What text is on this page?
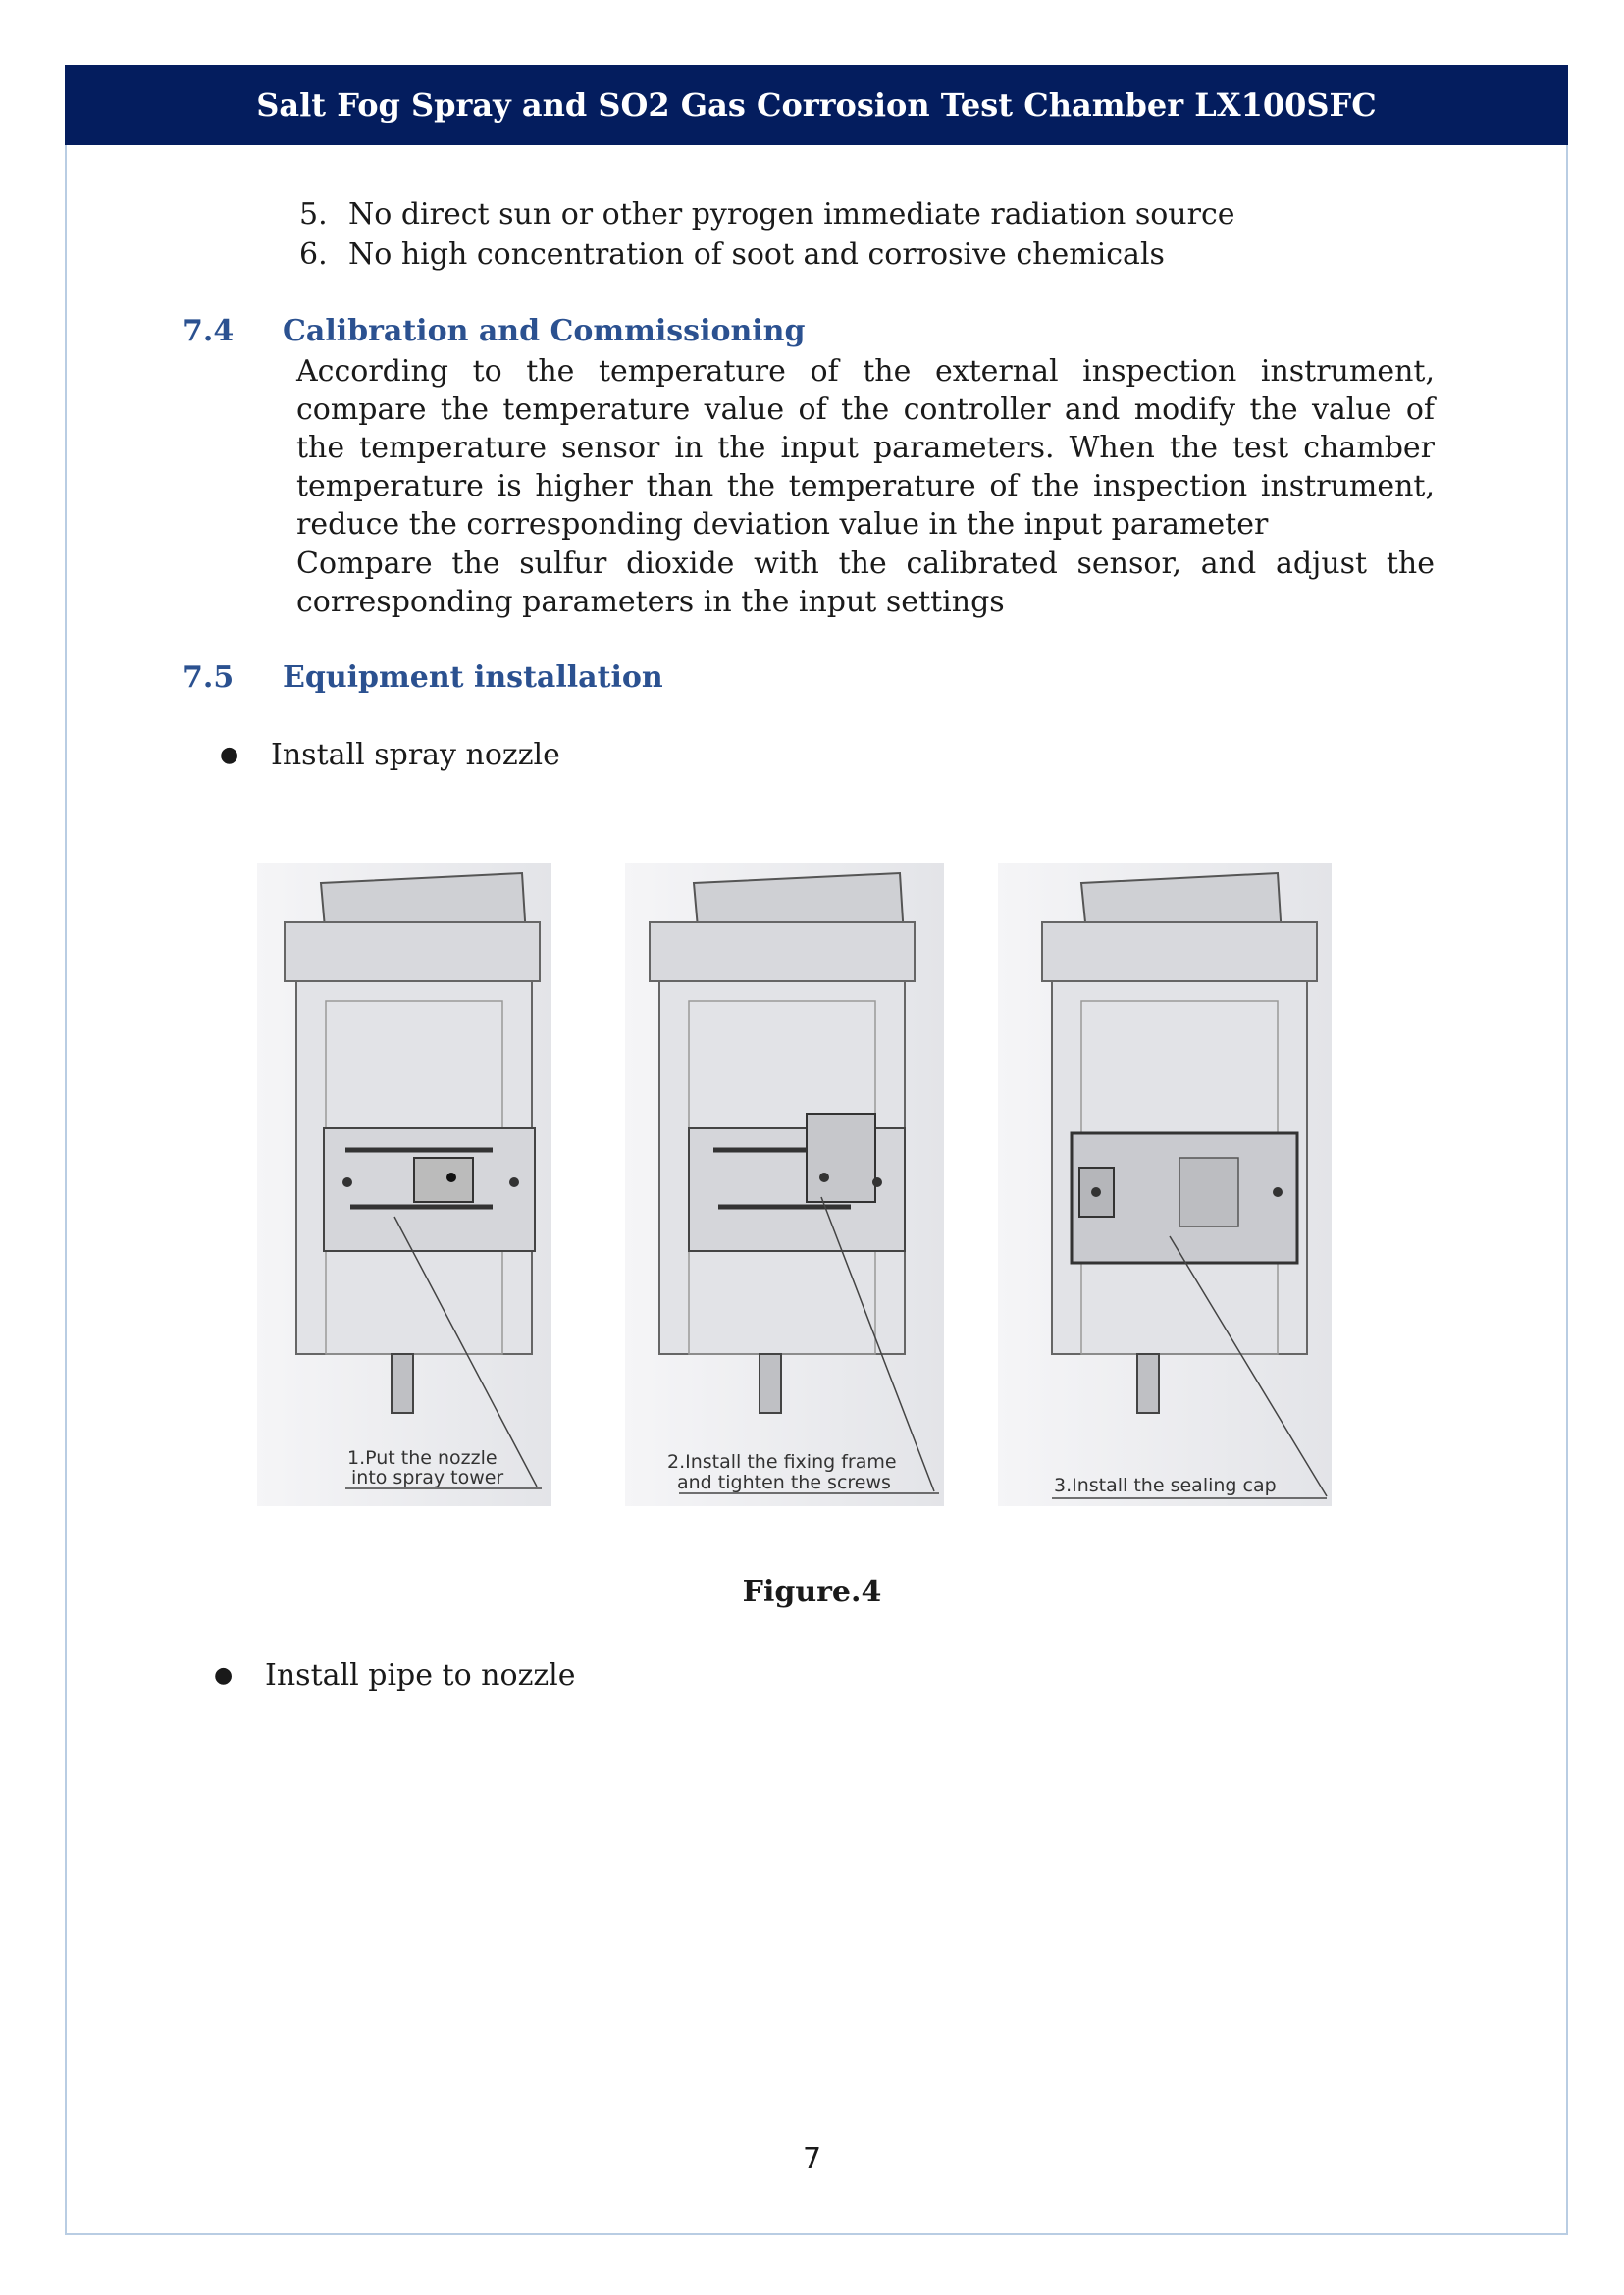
Salt Fog Spray and SO2 Gas Corrosion Test Chamber LX100SFC
5. No direct sun or other pyrogen immediate radiation source
6. No high concentration of soot and corrosive chemicals
7.4 Calibration and Commissioning
According to the temperature of the external inspection instrument, compare the temperature value of the controller and modify the value of the temperature sensor in the input parameters. When the test chamber temperature is higher than the temperature of the inspection instrument, reduce the corresponding deviation value in the input parameter
Compare the sulfur dioxide with the calibrated sensor, and adjust the corresponding parameters in the input settings
7.5 Equipment installation
● Install spray nozzle
1.Put the nozzle
into spray tower
2.Install the fixing frame
and tighten the screws	3.Install the sealing cap
Figure.4
● Install pipe to nozzle
7
